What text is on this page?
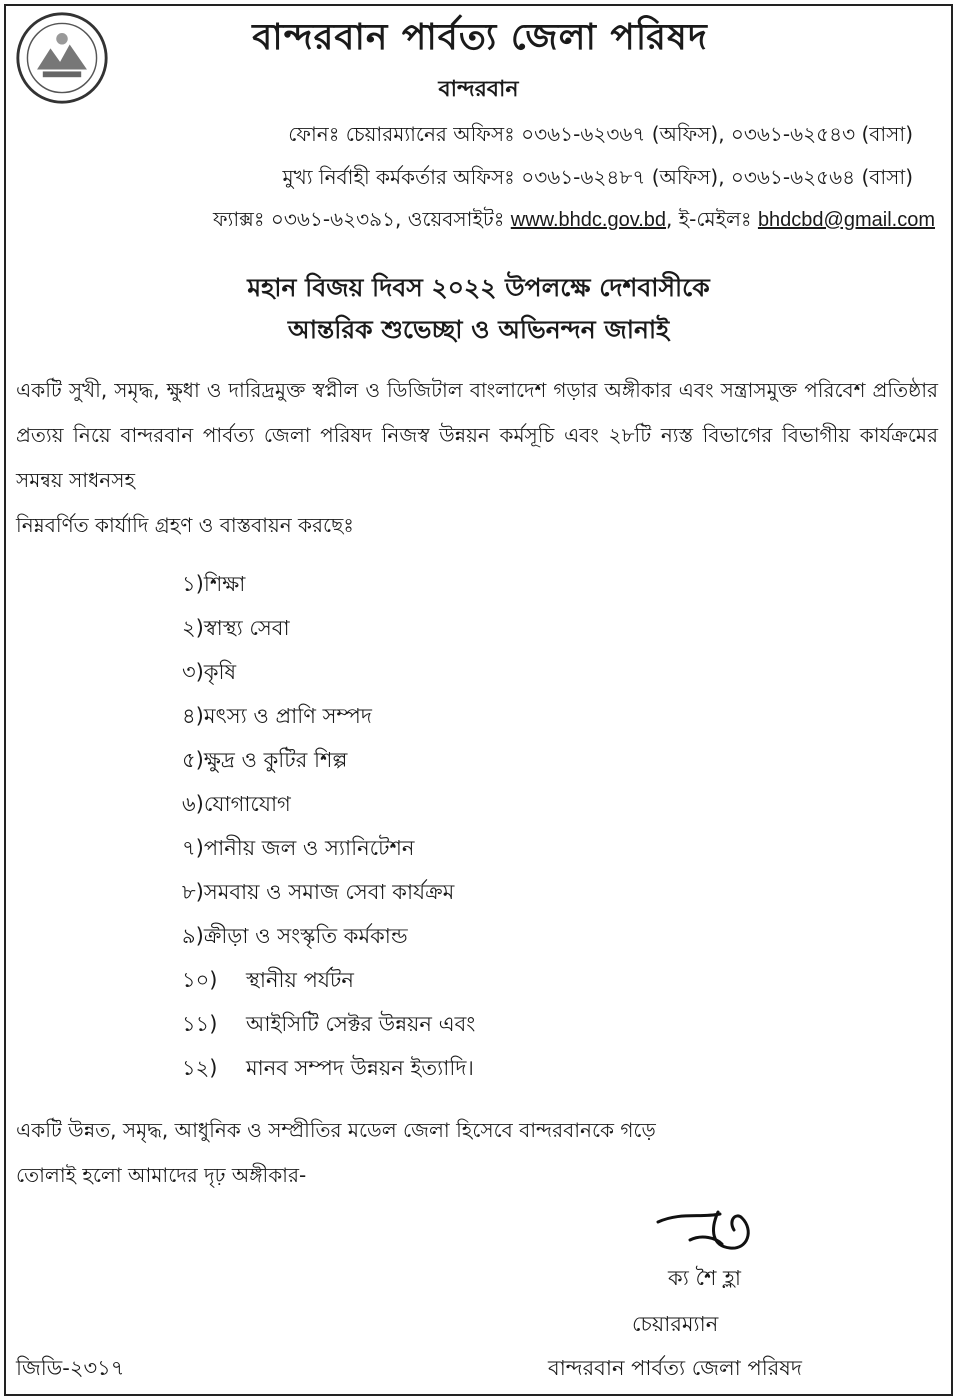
বান্দরবান পার্বত্য জেলা পরিষদ
বান্দরবান
ফোনঃ চেয়ারম্যানের অফিসঃ ০৩৬১-৬২৩৬৭ (অফিস), ০৩৬১-৬২৫৪৩ (বাসা)
মুখ্য নির্বাহী কর্মকর্তার অফিসঃ ০৩৬১-৬২৪৮৭ (অফিস), ০৩৬১-৬২৫৬৪ (বাসা)
ফ্যাক্সঃ ০৩৬১-৬২৩৯১, ওয়েবসাইটঃ www.bhdc.gov.bd, ই-মেইলঃ bhdcbd@gmail.com
মহান বিজয় দিবস ২০২২ উপলক্ষে দেশবাসীকে
আন্তরিক শুভেচ্ছা ও অভিনন্দন জানাই
একটি সুখী, সমৃদ্ধ, ক্ষুধা ও দারিদ্রমুক্ত স্বপ্নীল ও ডিজিটাল বাংলাদেশ গড়ার অঙ্গীকার এবং সন্ত্রাসমুক্ত পরিবেশ প্রতিষ্ঠার প্রত্যয় নিয়ে বান্দরবান পার্বত্য জেলা পরিষদ নিজস্ব উন্নয়ন কর্মসূচি এবং ২৮টি ন্যস্ত বিভাগের বিভাগীয় কার্যক্রমের সমন্বয় সাধনসহ
নিম্নবর্ণিত কার্যাদি গ্রহণ ও বাস্তবায়ন করছেঃ
১)শিক্ষা
২)স্বাস্থ্য সেবা
৩)কৃষি
৪)মৎস্য ও প্রাণি সম্পদ
৫)ক্ষুদ্র ও কুটির শিল্প
৬)যোগাযোগ
৭)পানীয় জল ও স্যানিটেশন
৮)সমবায় ও সমাজ সেবা কার্যক্রম
৯)ক্রীড়া ও সংস্কৃতি কর্মকান্ড
১০) স্থানীয় পর্যটন
১১) আইসিটি সেক্টর উন্নয়ন এবং
১২) মানব সম্পদ উন্নয়ন ইত্যাদি।
একটি উন্নত, সমৃদ্ধ, আধুনিক ও সম্প্রীতির মডেল জেলা হিসেবে বান্দরবানকে গড়ে
তোলাই হলো আমাদের দৃঢ় অঙ্গীকার-
ক্য শৈ হ্লা
চেয়ারম্যান
বান্দরবান পার্বত্য জেলা পরিষদ
জিডি-২৩১৭
